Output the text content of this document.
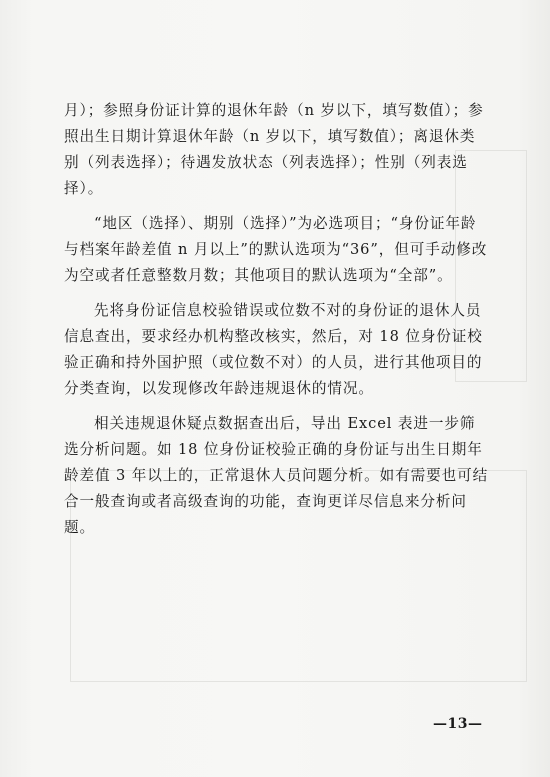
月）；参照身份证计算的退休年龄（n 岁以下，填写数值）；参照出生日期计算退休年龄（n 岁以下，填写数值）；离退休类别（列表选择）；待遇发放状态（列表选择）；性别（列表选择）。

“地区（选择）、期别（选择）”为必选项目；“身份证年龄与档案年龄差值 n 月以上”的默认选项为“36”，但可手动修改为空或者任意整数月数；其他项目的默认选项为“全部”。

先将身份证信息校验错误或位数不对的身份证的退休人员信息查出，要求经办机构整改核实，然后，对 18 位身份证校验正确和持外国护照（或位数不对）的人员，进行其他项目的分类查询，以发现修改年龄违规退休的情况。

相关违规退休疑点数据查出后，导出 Excel 表进一步筛选分析问题。如 18 位身份证校验正确的身份证与出生日期年龄差值 3 年以上的，正常退休人员问题分析。如有需要也可结合一般查询或者高级查询的功能，查询更详尽信息来分析问题。

—13—
